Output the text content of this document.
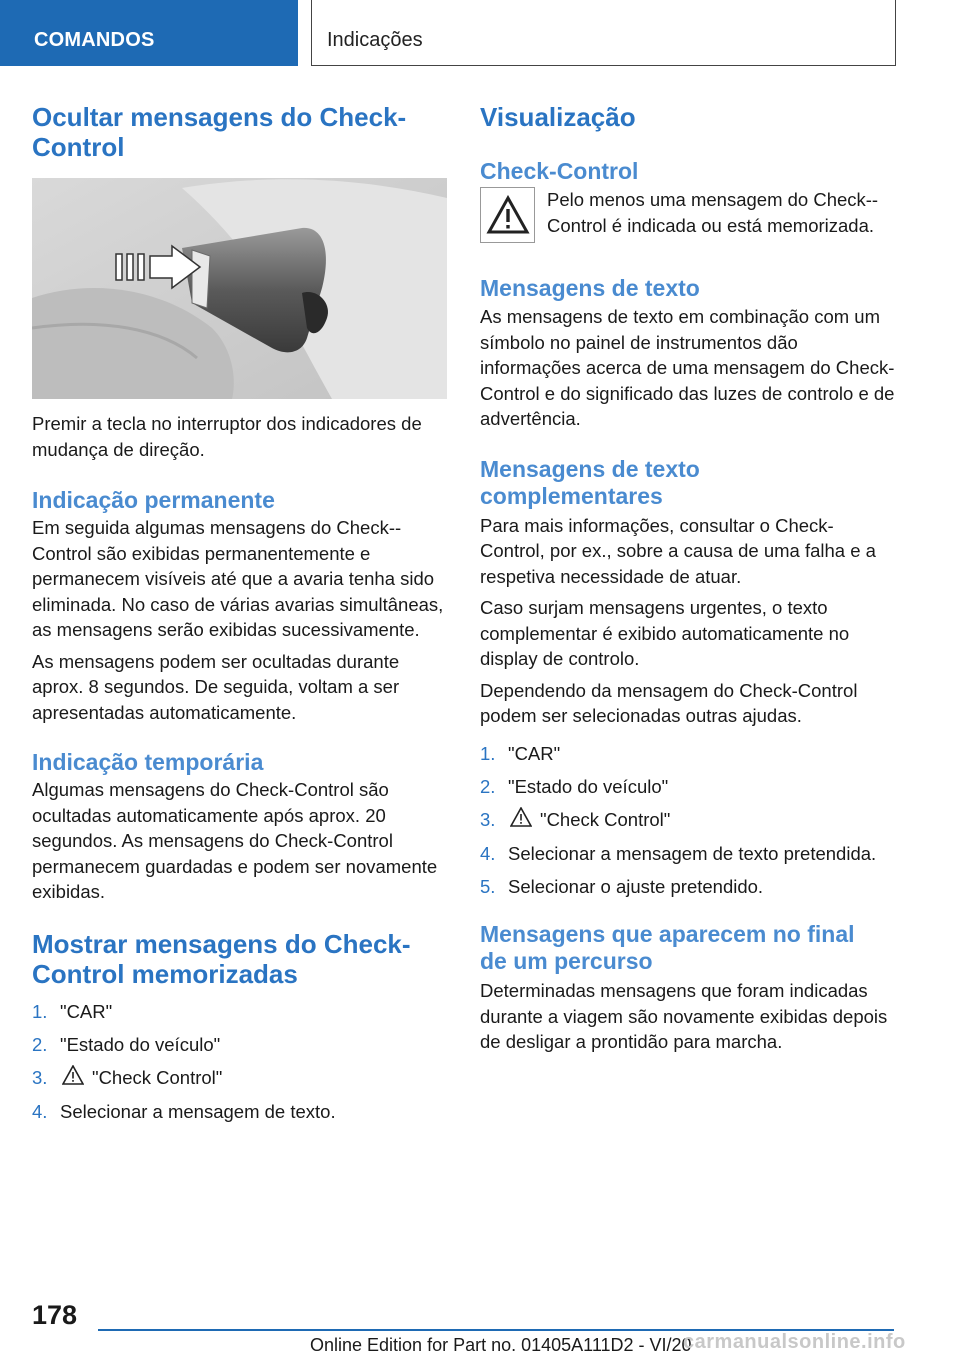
COMANDOS	Indicações
Ocultar mensagens do Check-Control

Premir a tecla no interruptor dos indicadores de mudança de direção.

Indicação permanente

Em seguida algumas mensagens do Check--Control são exibidas permanentemente e permanecem visíveis até que a avaria tenha sido eliminada. No caso de várias avarias simultâneas, as mensagens serão exibidas sucessivamente.

As mensagens podem ser ocultadas durante aprox. 8 segundos. De seguida, voltam a ser apresentadas automaticamente.

Indicação temporária

Algumas mensagens do Check-Control são ocultadas automaticamente após aprox. 20 segundos. As mensagens do Check-Control permanecem guardadas e podem ser novamente exibidas.

Mostrar mensagens do Check-Control memorizadas
1. "CAR"
2. "Estado do veículo"
3.	"Check Control"
4. Selecionar a mensagem de texto.
Visualização
Check-Control

Pelo menos uma mensagem do Check--Control é indicada ou está memorizada.

Mensagens de texto

As mensagens de texto em combinação com um símbolo no painel de instrumentos dão informações acerca de uma mensagem do Check-Control e do significado das luzes de controlo e de advertência.

Mensagens de texto complementares

Para mais informações, consultar o Check-Control, por ex., sobre a causa de uma falha e a respetiva necessidade de atuar.

Caso surjam mensagens urgentes, o texto complementar é exibido automaticamente no display de controlo.

Dependendo da mensagem do Check-Control podem ser selecionadas outras ajudas.

1. "CAR"
2. "Estado do veículo"
3.	"Check Control"
4. Selecionar a mensagem de texto pretendida.
5. Selecionar o ajuste pretendido.
Mensagens que aparecem no final de um percurso

Determinadas mensagens que foram indicadas durante a viagem são novamente exibidas depois de desligar a prontidão para marcha.

178
Online Edition for Part no. 01405A111D2 - VI/20
carmanualsonline.info
